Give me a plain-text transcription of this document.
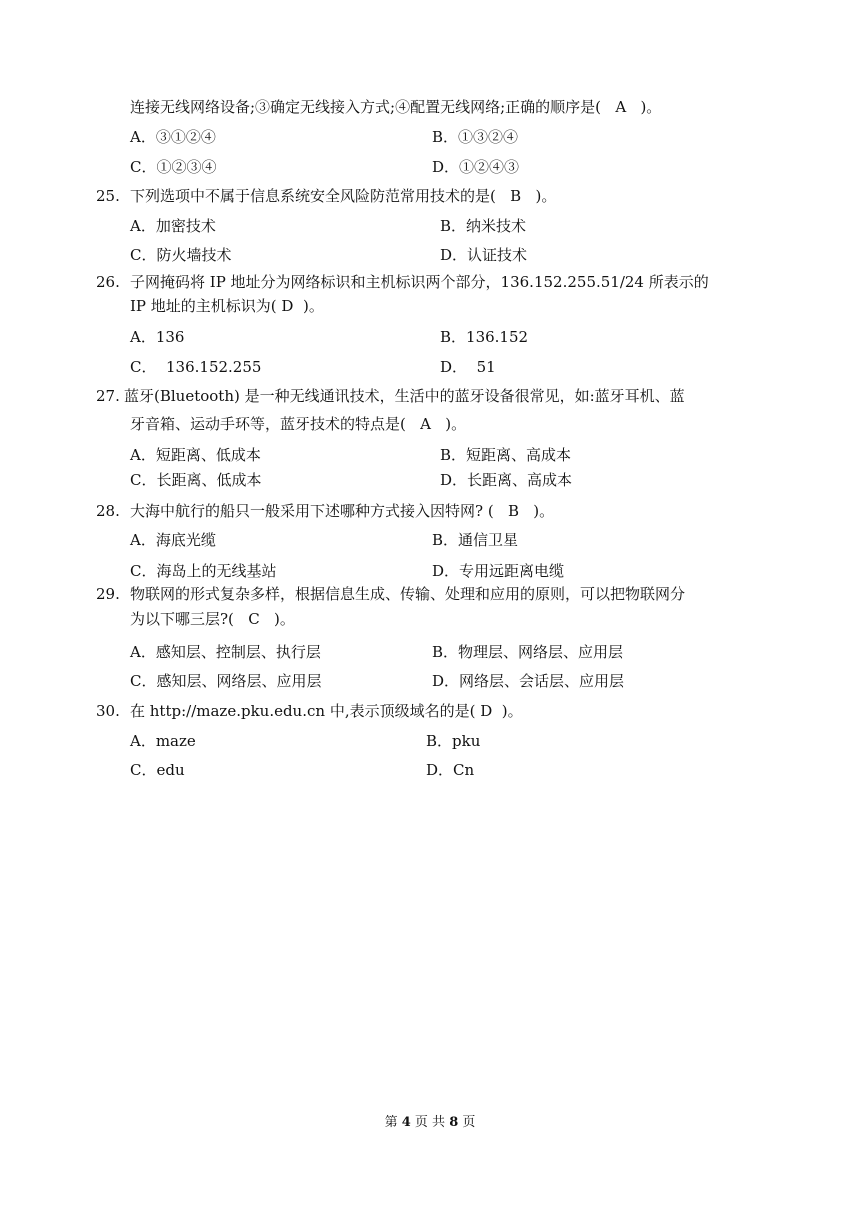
连接无线网络设备;③确定无线接入方式;④配置无线网络;正确的顺序是(   A   )。
A．③①②④	B．①③②④
C．①②③④	D．①②④③
25. 下列选项中不属于信息系统安全风险防范常用技术的是(   B   )。
A．加密技术	B．纳米技术
C．防火墙技术	D．认证技术
26. 子网掩码将 IP 地址分为网络标识和主机标识两个部分，136.152.255.51/24 所表示的
IP 地址的主机标识为( D  )。
A．136	B．136.152
C．  136.152.255	D．  51
27. 蓝牙(Bluetooth) 是一种无线通讯技术，生活中的蓝牙设备很常见，如:蓝牙耳机、蓝
牙音箱、运动手环等，蓝牙技术的特点是(   A   )。
A．短距离、低成本	B．短距离、高成本
C．长距离、低成本	D．长距离、高成本
28. 大海中航行的船只一般采用下述哪种方式接入因特网? (   B   )。
A．海底光缆	B．通信卫星
C．海岛上的无线基站	D．专用远距离电缆
29. 物联网的形式复杂多样，根据信息生成、传输、处理和应用的原则，可以把物联网分
为以下哪三层?(   C   )。
A．感知层、控制层、执行层	B．物理层、网络层、应用层
C．感知层、网络层、应用层	D．网络层、会话层、应用层
30. 在 http://maze.pku.edu.cn 中,表示顶级域名的是( D  )。
A．maze	B．pku
C．edu	D．Cn
第 4 页 共 8 页
